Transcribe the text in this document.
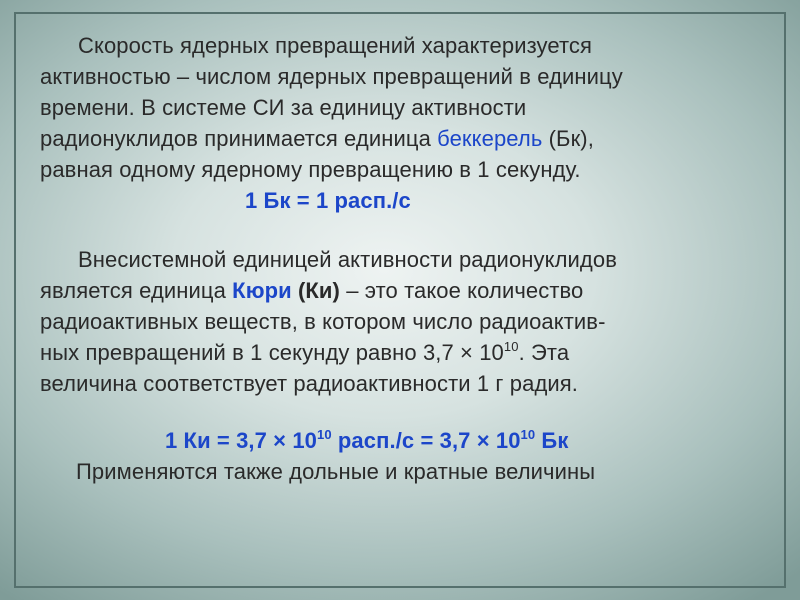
Скорость ядерных превращений характеризуется
активностью – числом ядерных превращений в единицу
времени. В системе СИ за единицу активности
радионуклидов принимается единица беккерель (Бк),
равная одному ядерному превращению в 1 секунду.
1 Бк = 1 расп./с
Внесистемной единицей активности радионуклидов
является единица Кюри (Ки) – это такое количество
радиоактивных веществ, в котором число радиоактив-
ных превращений в 1 секунду равно $3,7 \times 10^{10}$. Эта
величина соответствует радиоактивности 1 г радия.
1 Ки = $3,7 \times 10^{10}$ расп./с = $3,7 \times 10^{10}$ Бк
Применяются также дольные и кратные величины
